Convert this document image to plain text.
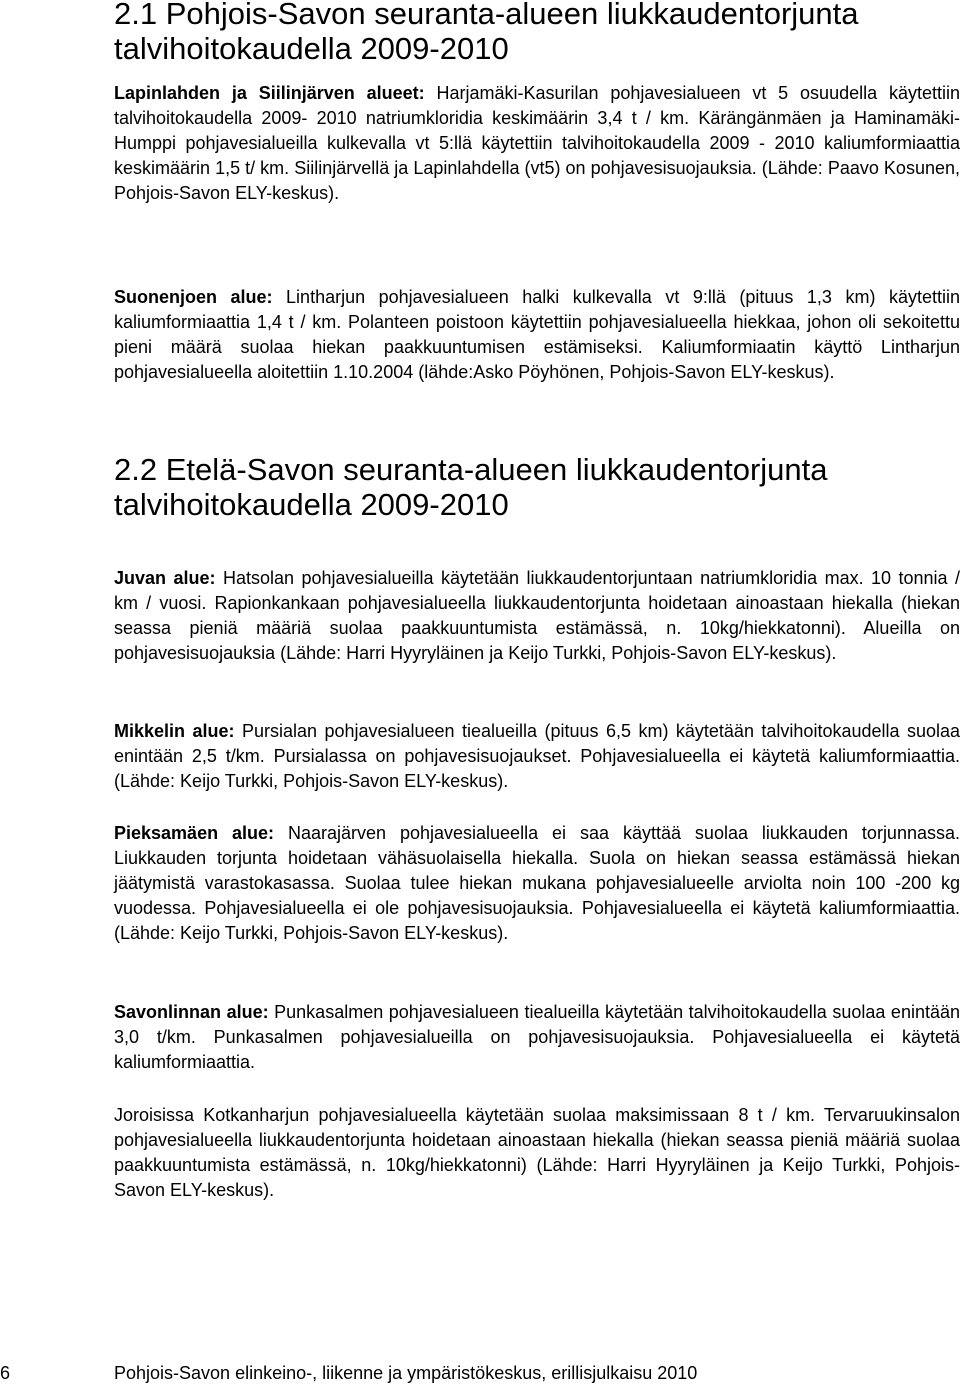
2.1 Pohjois-Savon seuranta-alueen liukkaudentorjunta
talvihoitokaudella 2009-2010

Lapinlahden ja Siilinjärven alueet: Harjamäki-Kasurilan pohjavesialueen vt 5 osuudella käytettiin talvihoitokaudella 2009- 2010 natriumkloridia keskimäärin 3,4 t / km. Kärängänmäen ja Haminamäki-Humppi pohjavesialueilla kulkevalla vt 5:llä käytettiin talvihoitokaudella 2009 - 2010 kaliumformiaattia keskimäärin 1,5 t/ km. Siilinjärvellä ja Lapinlahdella (vt5) on pohjavesisuojauksia. (Lähde: Paavo Kosunen, Pohjois-Savon ELY-keskus).

Suonenjoen alue: Lintharjun pohjavesialueen halki kulkevalla vt 9:llä (pituus 1,3 km) käytettiin kaliumformiaattia 1,4 t / km. Polanteen poistoon käytettiin pohjavesialueella hiekkaa, johon oli sekoitettu pieni määrä suolaa hiekan paakkuuntumisen estämiseksi. Kaliumformiaatin käyttö Lintharjun pohjavesialueella aloitettiin 1.10.2004 (lähde:Asko Pöyhönen, Pohjois-Savon ELY-keskus).

2.2 Etelä-Savon seuranta-alueen liukkaudentorjunta
talvihoitokaudella 2009-2010

Juvan alue: Hatsolan pohjavesialueilla käytetään liukkaudentorjuntaan natriumkloridia max. 10 tonnia / km / vuosi. Rapionkankaan pohjavesialueella liukkaudentorjunta hoidetaan ainoastaan hiekalla (hiekan seassa pieniä määriä suolaa paakkuuntumista estämässä, n. 10kg/hiekkatonni). Alueilla on pohjavesisuojauksia (Lähde: Harri Hyyryläinen ja Keijo Turkki, Pohjois-Savon ELY-keskus).

Mikkelin alue: Pursialan pohjavesialueen tiealueilla (pituus 6,5 km) käytetään talvihoitokaudella suolaa enintään 2,5 t/km. Pursialassa on pohjavesisuojaukset. Pohjavesialueella ei käytetä kaliumformiaattia. (Lähde: Keijo Turkki, Pohjois-Savon ELY-keskus).

Pieksamäen alue: Naarajärven pohjavesialueella ei saa käyttää suolaa liukkauden torjunnassa. Liukkauden torjunta hoidetaan vähäsuolaisella hiekalla. Suola on hiekan seassa estämässä hiekan jäätymistä varastokasassa. Suolaa tulee hiekan mukana pohjavesialueelle arviolta noin 100 -200 kg vuodessa. Pohjavesialueella ei ole pohjavesisuojauksia. Pohjavesialueella ei käytetä kaliumformiaattia. (Lähde: Keijo Turkki, Pohjois-Savon ELY-keskus).

Savonlinnan alue: Punkasalmen pohjavesialueen tiealueilla käytetään talvihoitokaudella suolaa enintään 3,0 t/km. Punkasalmen pohjavesialueilla on pohjavesisuojauksia. Pohjavesialueella ei käytetä kaliumformiaattia.

Joroisissa Kotkanharjun pohjavesialueella käytetään suolaa maksimissaan 8 t / km. Tervaruukinsalon pohjavesialueella liukkaudentorjunta hoidetaan ainoastaan hiekalla (hiekan seassa pieniä määriä suolaa paakkuuntumista estämässä, n. 10kg/hiekkatonni) (Lähde: Harri Hyyryläinen ja Keijo Turkki, Pohjois-Savon ELY-keskus).

6	Pohjois-Savon elinkeino-, liikenne ja ympäristökeskus, erillisjulkaisu 2010
